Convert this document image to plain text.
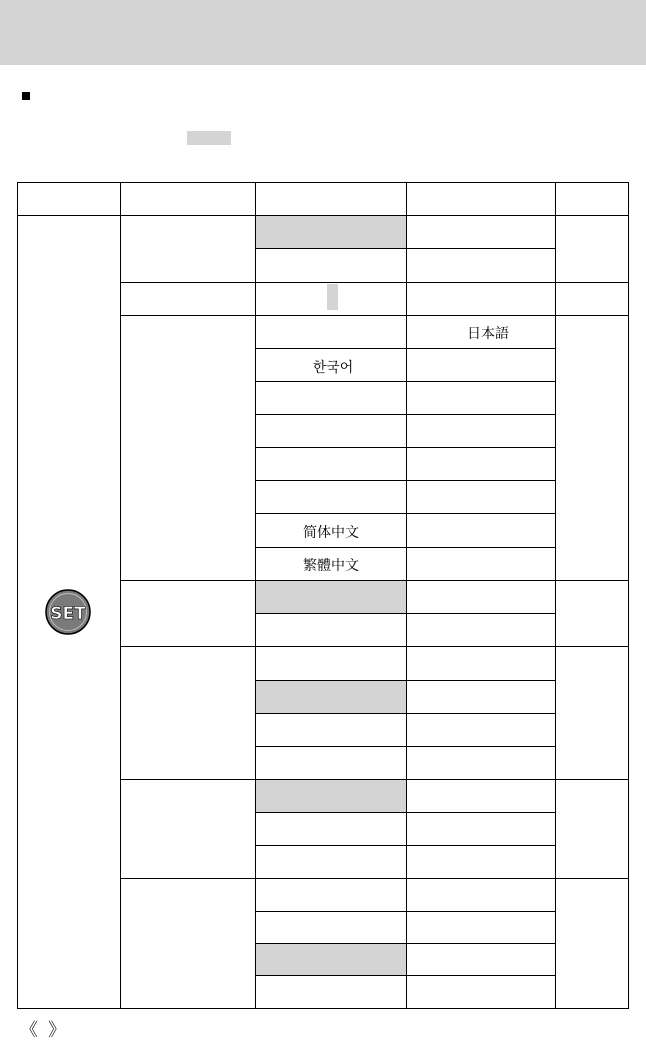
日本語
한국어
简体中文
繁體中文
SET
《 》
